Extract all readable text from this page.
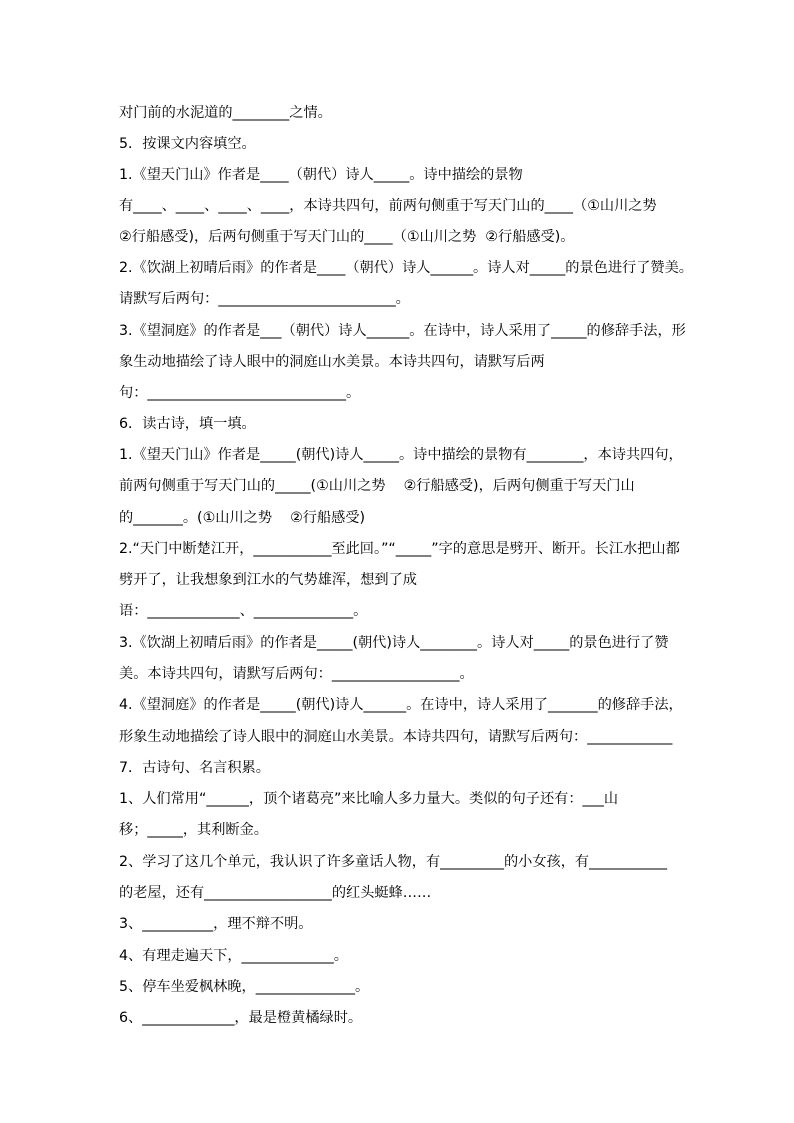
对门前的水泥道的________之情。
5．按课文内容填空。
1.《望天门山》作者是____（朝代）诗人_____。诗中描绘的景物
有____、____、____、____，本诗共四句，前两句侧重于写天门山的____（①山川之势
②行船感受)，后两句侧重于写天门山的____（①山川之势  ②行船感受)。
2.《饮湖上初晴后雨》的作者是____（朝代）诗人______。诗人对_____的景色进行了赞美。
请默写后两句：_________________________。
3.《望洞庭》的作者是___（朝代）诗人______。在诗中，诗人采用了_____的修辞手法，形
象生动地描绘了诗人眼中的洞庭山水美景。本诗共四句，请默写后两
句：____________________________。
6．读古诗，填一填。
1.《望天门山》作者是_____(朝代)诗人_____。诗中描绘的景物有________，本诗共四句，
前两句侧重于写天门山的_____(①山川之势    ②行船感受)，后两句侧重于写天门山
的_______。(①山川之势    ②行船感受)
2.“天门中断楚江开，___________至此回。”“_____”字的意思是劈开、断开。长江水把山都
劈开了，让我想象到江水的气势雄浑，想到了成
语：_____________、______________。
3.《饮湖上初晴后雨》的作者是_____(朝代)诗人________。诗人对_____的景色进行了赞
美。本诗共四句，请默写后两句：__________________。
4.《望洞庭》的作者是_____(朝代)诗人______。在诗中，诗人采用了_______的修辞手法，
形象生动地描绘了诗人眼中的洞庭山水美景。本诗共四句，请默写后两句：____________
7．古诗句、名言积累。
1、人们常用“______，顶个诸葛亮”来比喻人多力量大。类似的句子还有：___山
移；_____，其利断金。
2、学习了这几个单元，我认识了许多童话人物，有_________的小女孩，有___________
的老屋，还有__________________的红头蜓蜂……
3、__________，理不辩不明。
4、有理走遍天下，_____________。
5、停车坐爱枫林晚，______________。
6、_____________，最是橙黄橘绿时。
